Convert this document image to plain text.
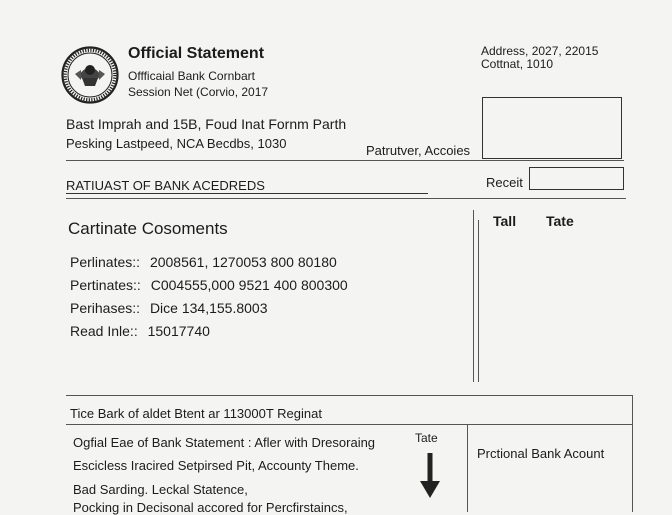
Official Statement
Offficaial Bank Cornbart
Session Net (Corvio, 2017
Address, 2027, 22015
Cottnat, 1010
Bast Imprah and 15B, Foud Inat Fornm Parth
Pesking Lastpeed, NCA Becdbs, 1030	Patrutver, Accoies
RATIUAST OF BANK ACEDREDS	Receit
Cartinate Cosoments	Tall Tate
Perlinates:: 2008561, 1270053 800 80180
Pertinates:: C004555,000 9521 400 800300
Perihases:: Dice 134,155.8003
Read Inle:: 15017740
Tice Bark of aldet Btent ar 113000T Reginat
Ogfial Eae of Bank Statement : Afler with Dresoraing
Escicless Iracired Setpirsed Pit, Accounty Theme.
Bad Sarding. Leckal Statence,
Pocking in Decisonal accored for Percfirstaincs,
Tate
Prctional Bank Acount
